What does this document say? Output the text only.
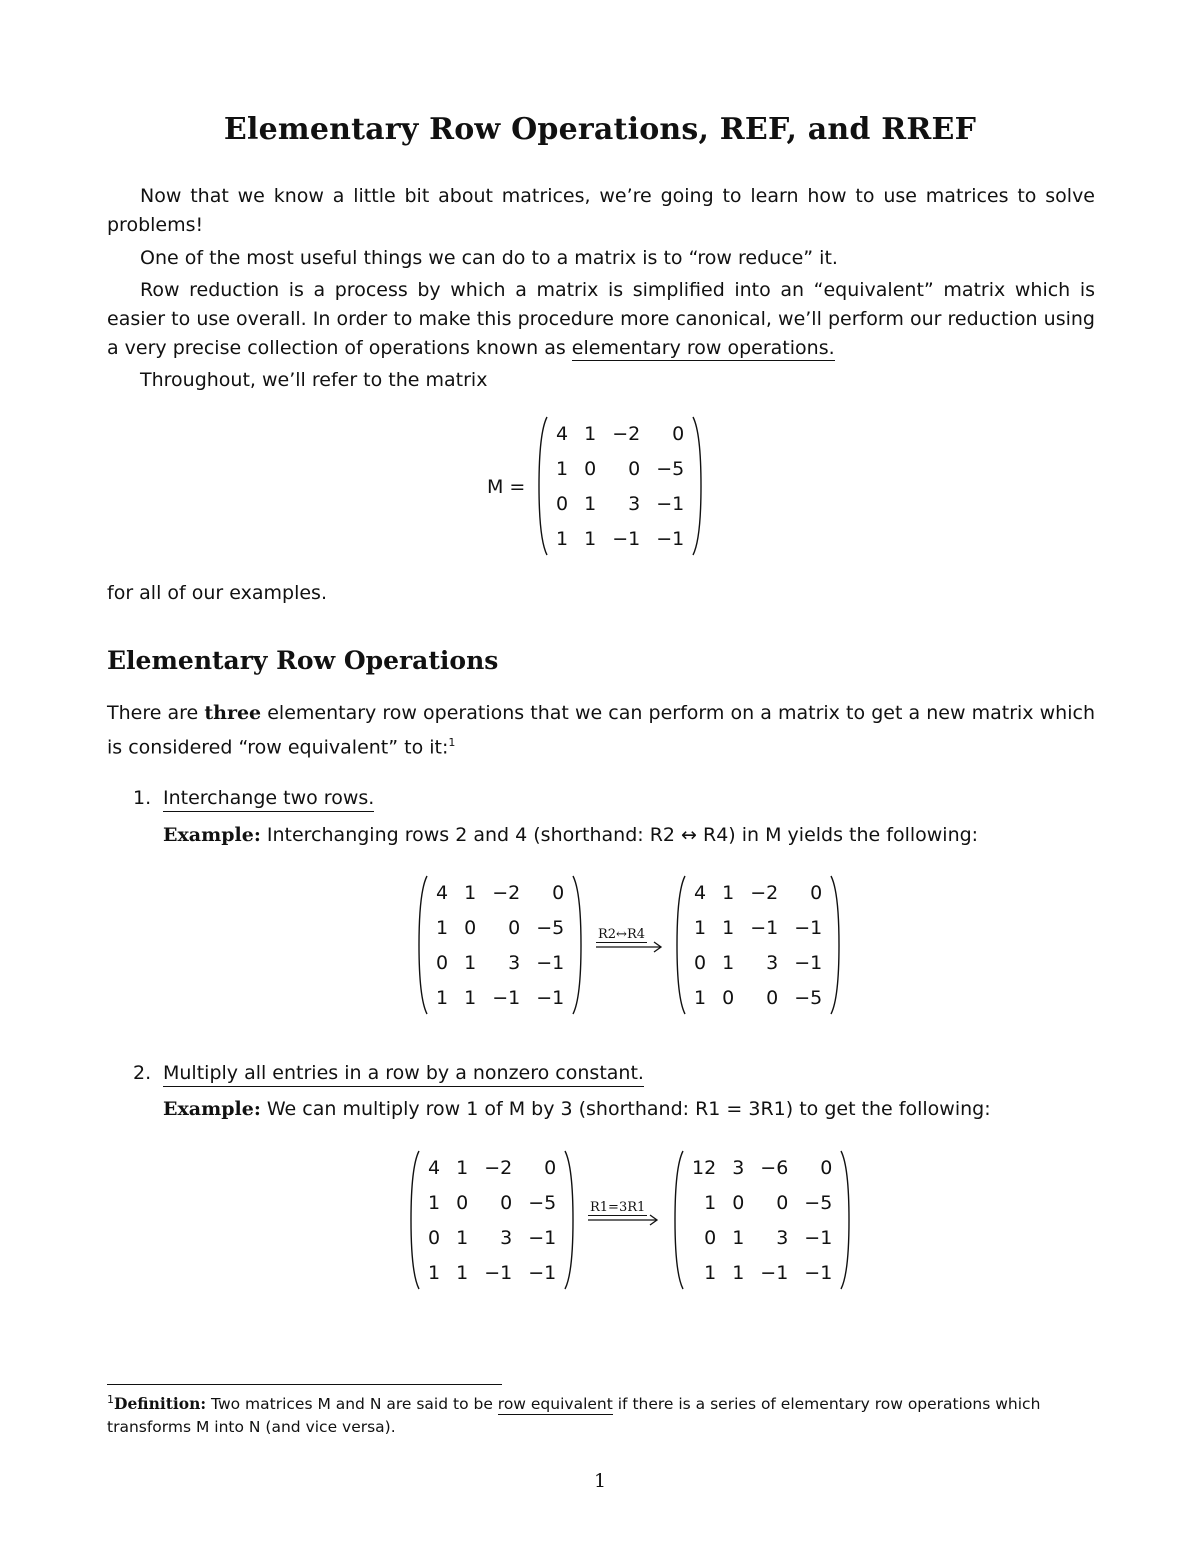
Elementary Row Operations, REF, and RREF

Now that we know a little bit about matrices, we’re going to learn how to use matrices to solve problems!

One of the most useful things we can do to a matrix is to “row reduce” it.

Row reduction is a process by which a matrix is simplified into an “equivalent” matrix which is easier to use overall. In order to make this procedure more canonical, we’ll perform our reduction using a very precise collection of operations known as elementary row operations.

Throughout, we’ll refer to the matrix

M =
4	1	−2	0
1	0	0	−5
0	1	3	−1
1	1	−1	−1

for all of our examples.

Elementary Row Operations

There are three elementary row operations that we can perform on a matrix to get a new matrix which is considered “row equivalent” to it:$^1$

1. Interchange two rows.
Example: Interchanging rows 2 and 4 (shorthand: R2 ↔ R4) in M yields the following:
4	1	−2	0
1	0	0	−5
0	1	3	−1
1	1	−1	−1
R2↔R4
4	1	−2	0
1	1	−1	−1
0	1	3	−1
1	0	0	−5
2. Multiply all entries in a row by a nonzero constant.
Example: We can multiply row 1 of M by 3 (shorthand: R1 = 3R1) to get the following:
4	1	−2	0
1	0	0	−5
0	1	3	−1
1	1	−1	−1
R1=3R1
12	3	−6	0
1	0	0	−5
0	1	3	−1
1	1	−1	−1

$^1$Definition: Two matrices M and N are said to be row equivalent if there is a series of elementary row operations which transforms M into N (and vice versa).

1
